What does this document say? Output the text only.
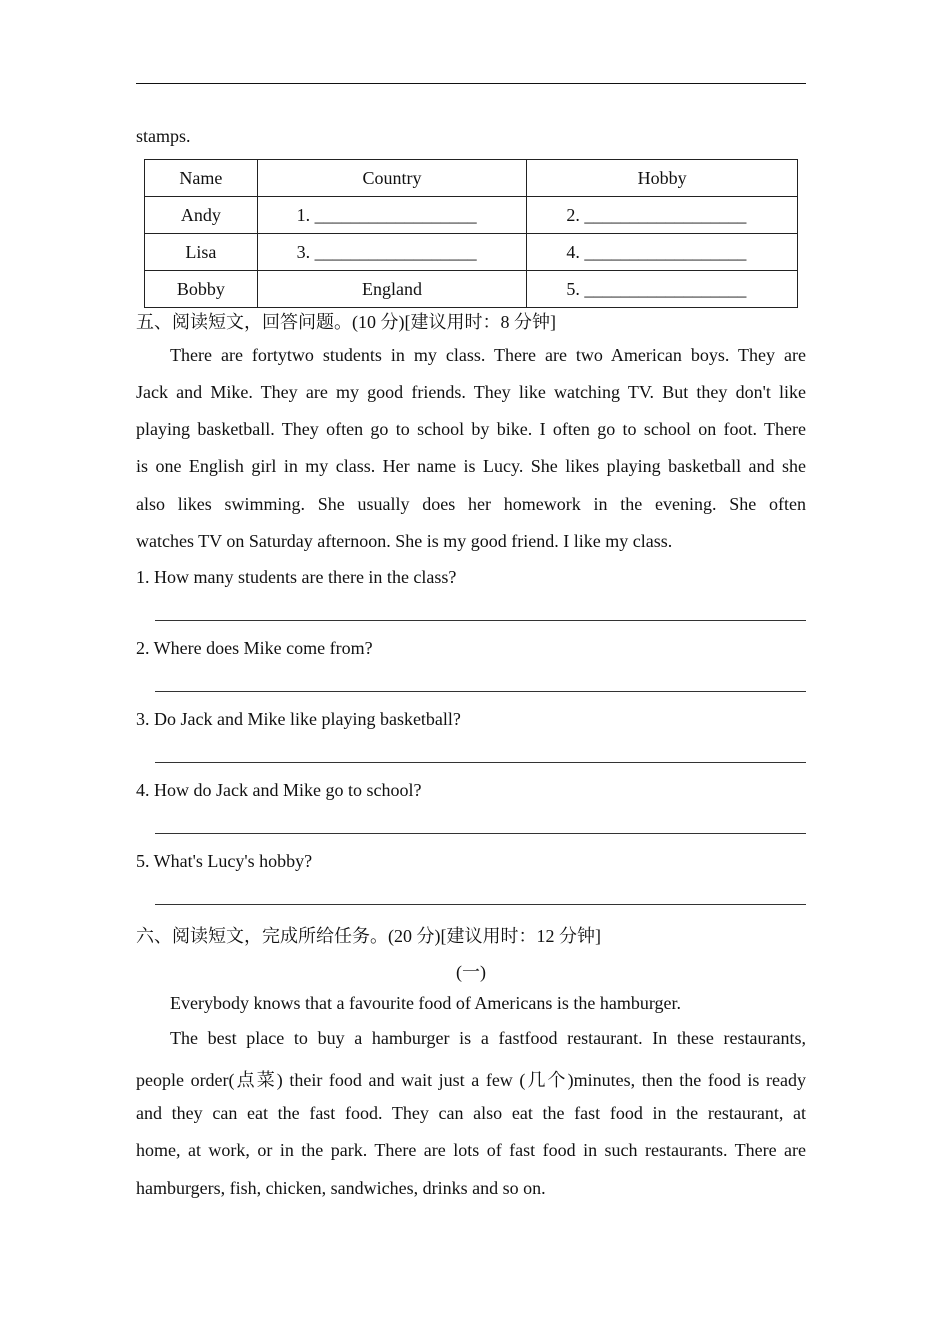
stamps.
Name	Country	Hobby
Andy	1. __________________	2. __________________
Lisa	3. __________________	4. __________________
Bobby	England	5. __________________
五、阅读短文，回答问题。(10 分)[建议用时：8 分钟]
There are fortytwo students in my class. There are two American boys. They are
Jack and Mike. They are my good friends. They like watching TV. But they don't like
playing basketball. They often go to school by bike. I often go to school on foot. There
is one English girl in my class. Her name is Lucy. She likes playing basketball and she
also likes swimming. She usually does her homework in the evening. She often
watches TV on Saturday afternoon. She is my good friend. I like my class.
1. How many students are there in the class?
2. Where does Mike come from?
3. Do Jack and Mike like playing basketball?
4. How do Jack and Mike go to school?
5. What's Lucy's hobby?
六、阅读短文，完成所给任务。(20 分)[建议用时：12 分钟]
(一)
Everybody knows that a favourite food of Americans is the hamburger.
The best place to buy a hamburger is a fastfood restaurant. In these restaurants,
people order(点菜) their food and wait just a few (几个)minutes, then the food is ready
and they can eat the fast food. They can also eat the fast food in the restaurant, at
home, at work, or in the park. There are lots of fast food in such restaurants. There are
hamburgers, fish, chicken, sandwiches, drinks and so on.
